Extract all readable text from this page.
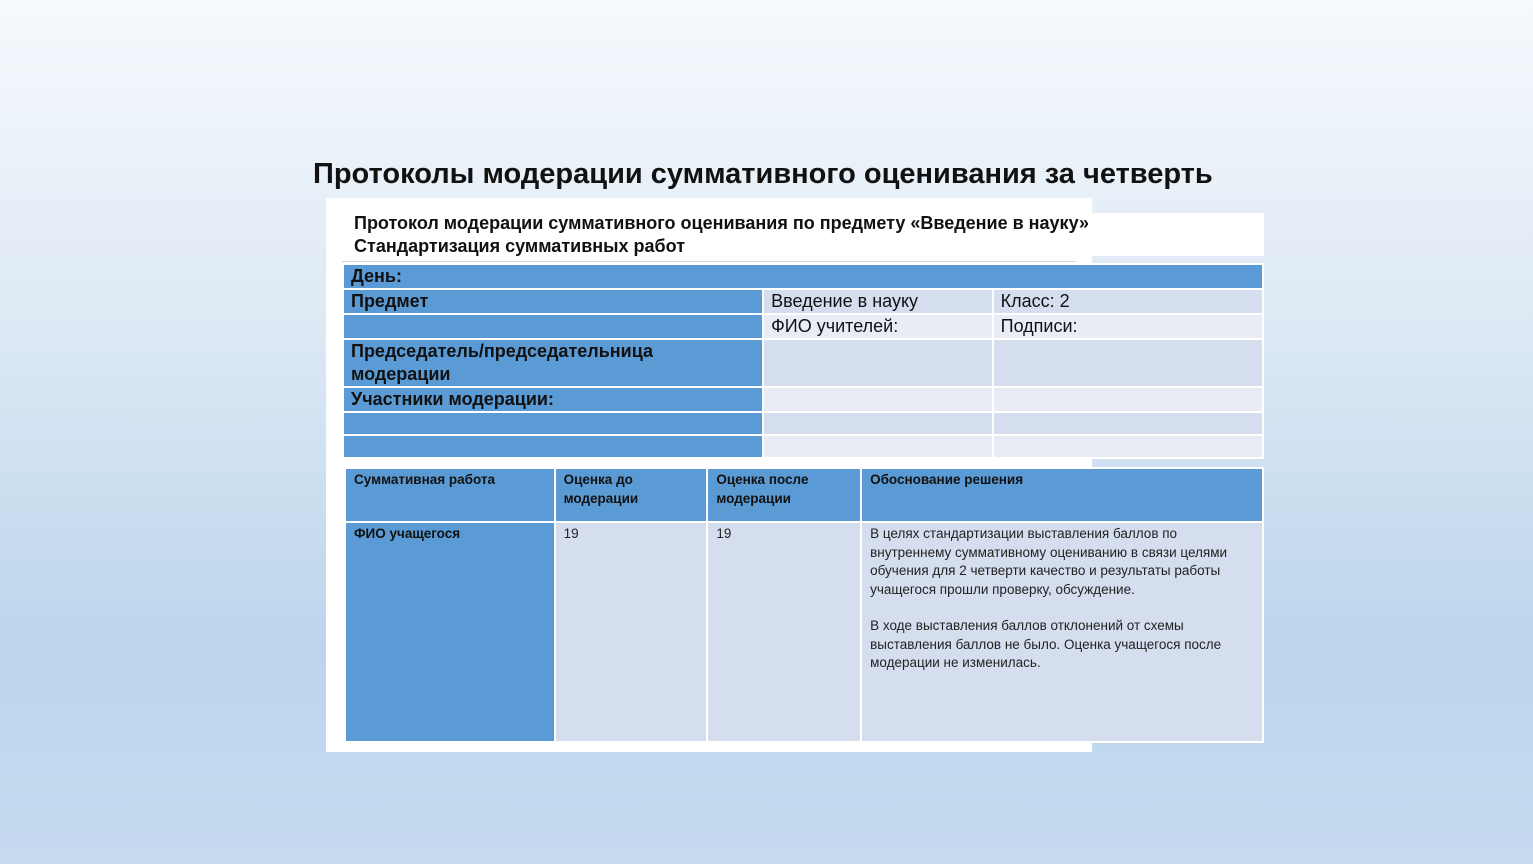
Протоколы модерации суммативного оценивания за четверть
Протокол модерации суммативного оценивания по предмету «Введение в науку»
Стандартизация суммативных работ
День:		
Предмет	Введение в науку	Класс: 2
	ФИО учителей:	Подписи:
Председатель/председательница модерации		
Участники модерации:		

Суммативная работа	Оценка до модерации	Оценка после модерации	Обоснование решения
ФИО учащегося	19	19	В целях стандартизации выставления баллов по внутреннему суммативному оцениванию в связи целями обучения для 2 четверти качество и результаты работы учащегося прошли проверку, обсуждение.

В ходе выставления баллов отклонений от схемы выставления баллов не было. Оценка учащегося после модерации не изменилась.
